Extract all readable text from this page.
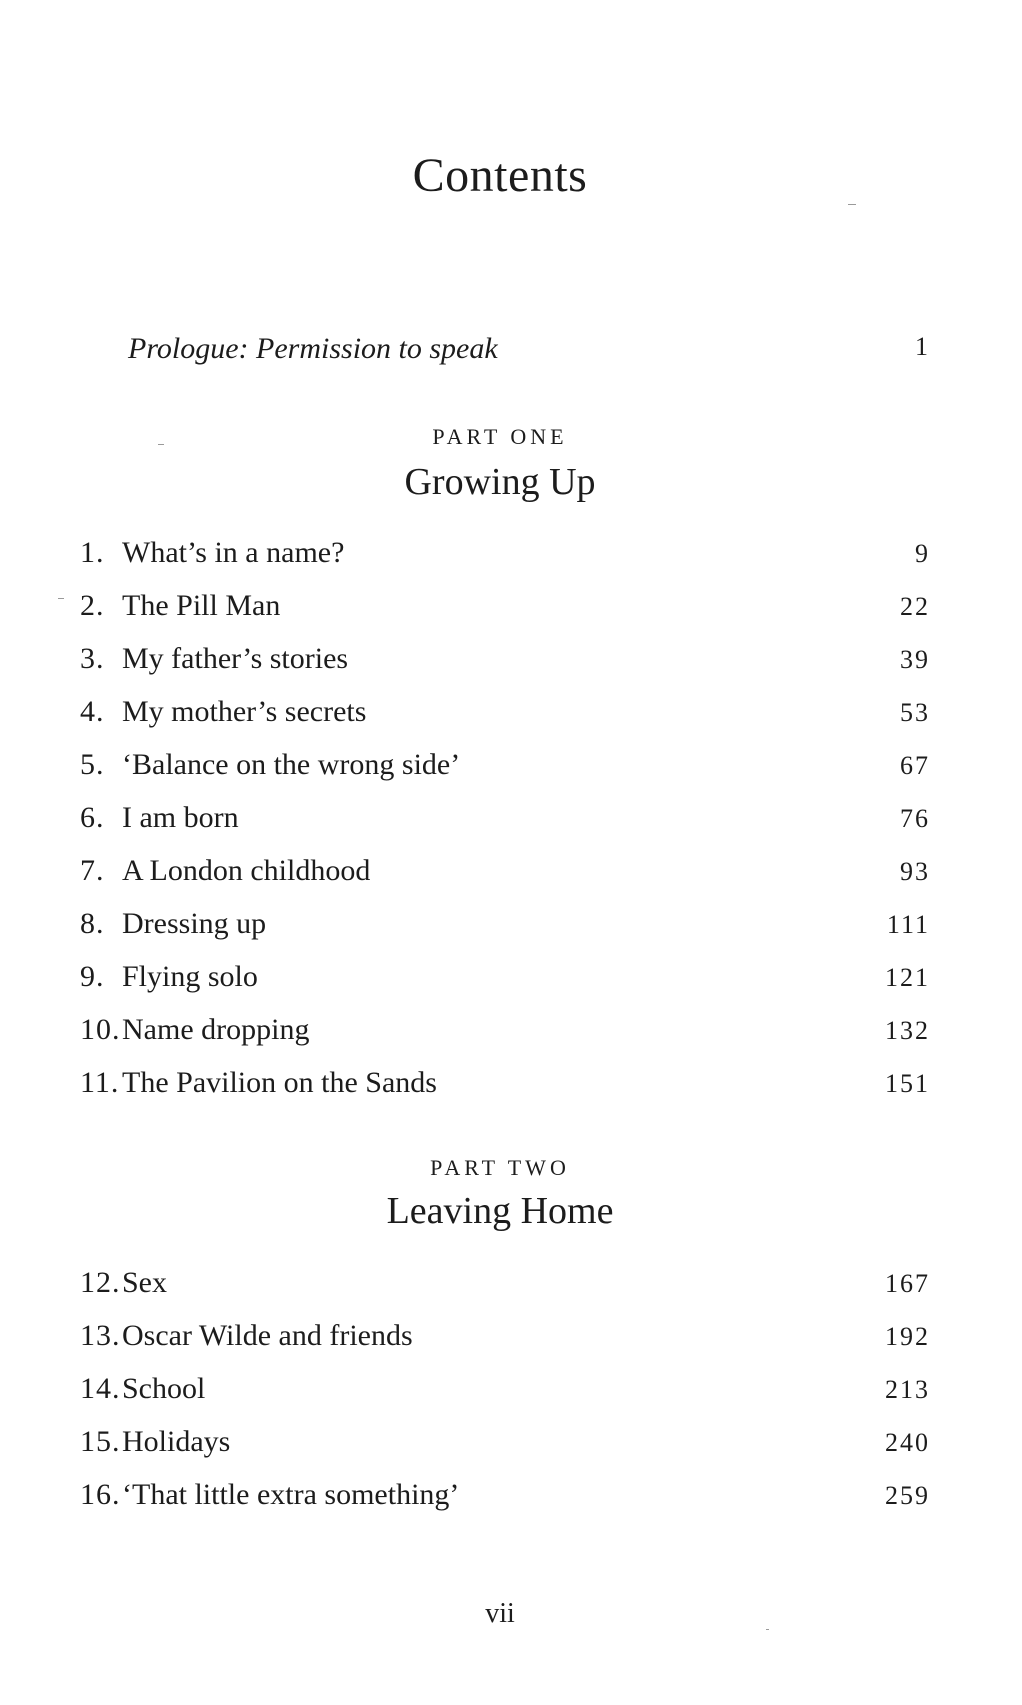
Contents
Prologue: Permission to speak	1
PART ONE
Growing Up
1. What’s in a name?	9
2. The Pill Man	22
3. My father’s stories	39
4. My mother’s secrets	53
5. ‘Balance on the wrong side’	67
6. I am born	76
7. A London childhood	93
8. Dressing up	111
9. Flying solo	121
10. Name dropping	132
11. The Pavilion on the Sands	151
PART TWO
Leaving Home
12. Sex	167
13. Oscar Wilde and friends	192
14. School	213
15. Holidays	240
16. ‘That little extra something’	259
vii
